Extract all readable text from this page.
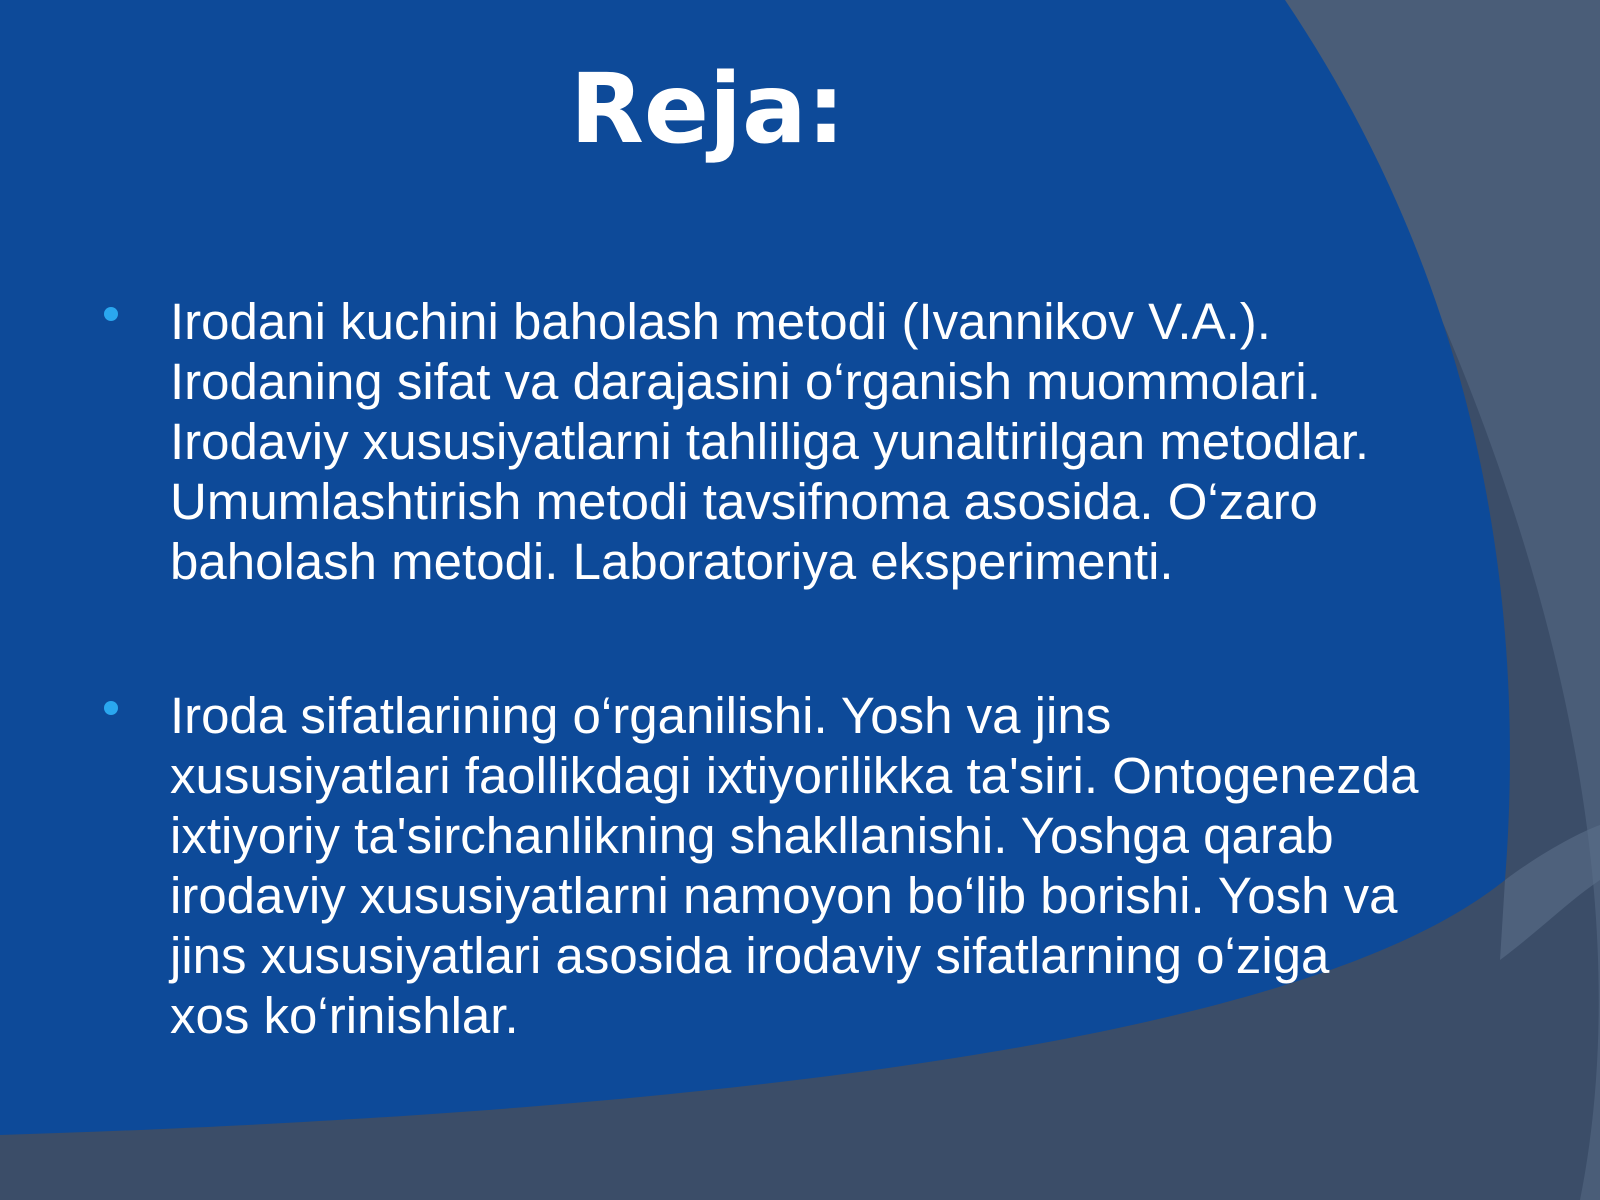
Reja:

Irodani kuchini baholash metodi (Ivannikov V.A.).
Irodaning sifat va darajasini o‘rganish muommolari.
Irodaviy xususiyatlarni tahliliga yunaltirilgan metodlar.
Umumlashtirish metodi tavsifnoma asosida. O‘zaro
baholash metodi. Laboratoriya eksperimenti.

Iroda sifatlarining o‘rganilishi. Yosh va jins
xususiyatlari faollikdagi ixtiyorilikka ta'siri. Ontogenezda
ixtiyoriy ta'sirchanlikning shakllanishi. Yoshga qarab
irodaviy xususiyatlarni namoyon bo‘lib borishi. Yosh va
jins xususiyatlari asosida irodaviy sifatlarning o‘ziga
xos ko‘rinishlar.
